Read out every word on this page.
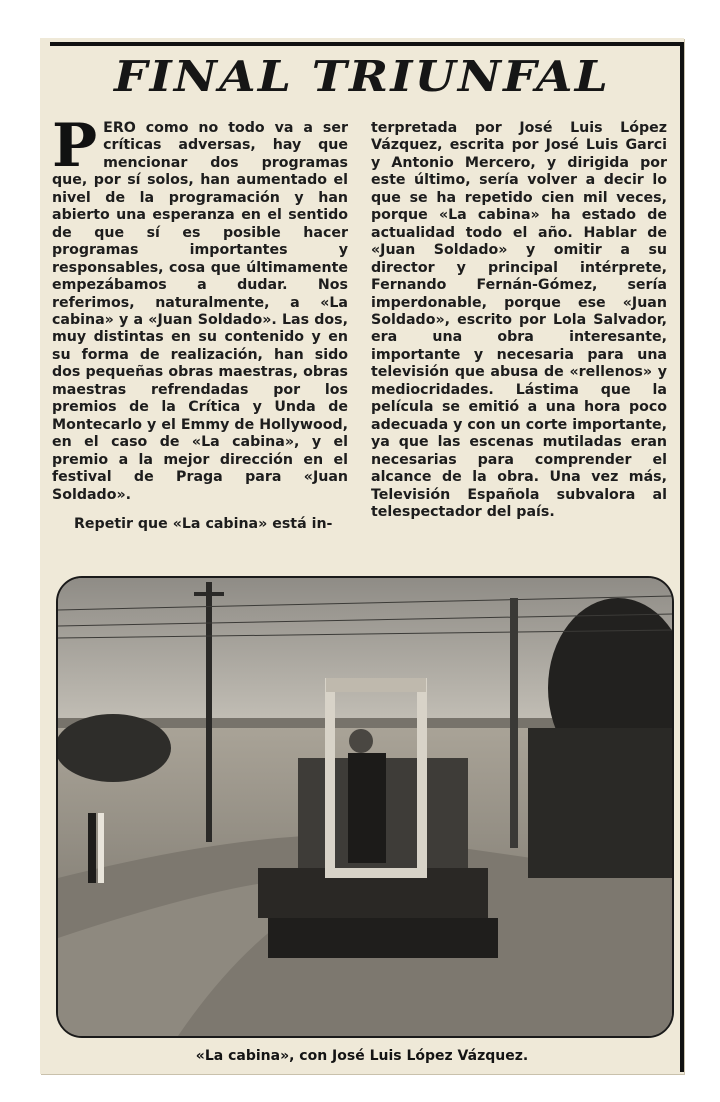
FINAL TRIUNFAL

PERO como no todo va a ser críticas adversas, hay que mencionar dos programas que, por sí solos, han aumentado el nivel de la programación y han abierto una esperanza en el sentido de que sí es posible hacer programas importantes y responsables, cosa que últimamente empezábamos a dudar. Nos referimos, naturalmente, a «La cabina» y a «Juan Soldado». Las dos, muy distintas en su contenido y en su forma de realización, han sido dos pequeñas obras maestras, obras maestras refrendadas por los premios de la Crítica y Unda de Montecarlo y el Emmy de Hollywood, en el caso de «La cabina», y el premio a la mejor dirección en el festival de Praga para «Juan Soldado».
Repetir que «La cabina» está in-

terpretada por José Luis López Vázquez, escrita por José Luis Garci y Antonio Mercero, y dirigida por este último, sería volver a decir lo que se ha repetido cien mil veces, porque «La cabina» ha estado de actualidad todo el año. Hablar de «Juan Soldado» y omitir a su director y principal intérprete, Fernando Fernán-Gómez, sería imperdonable, porque ese «Juan Soldado», escrito por Lola Salvador, era una obra interesante, importante y necesaria para una televisión que abusa de «rellenos» y mediocridades. Lástima que la película se emitió a una hora poco adecuada y con un corte importante, ya que las escenas mutiladas eran necesarias para comprender el alcance de la obra. Una vez más, Televisión Española subvalora al telespectador del país.

«La cabina», con José Luis López Vázquez.
